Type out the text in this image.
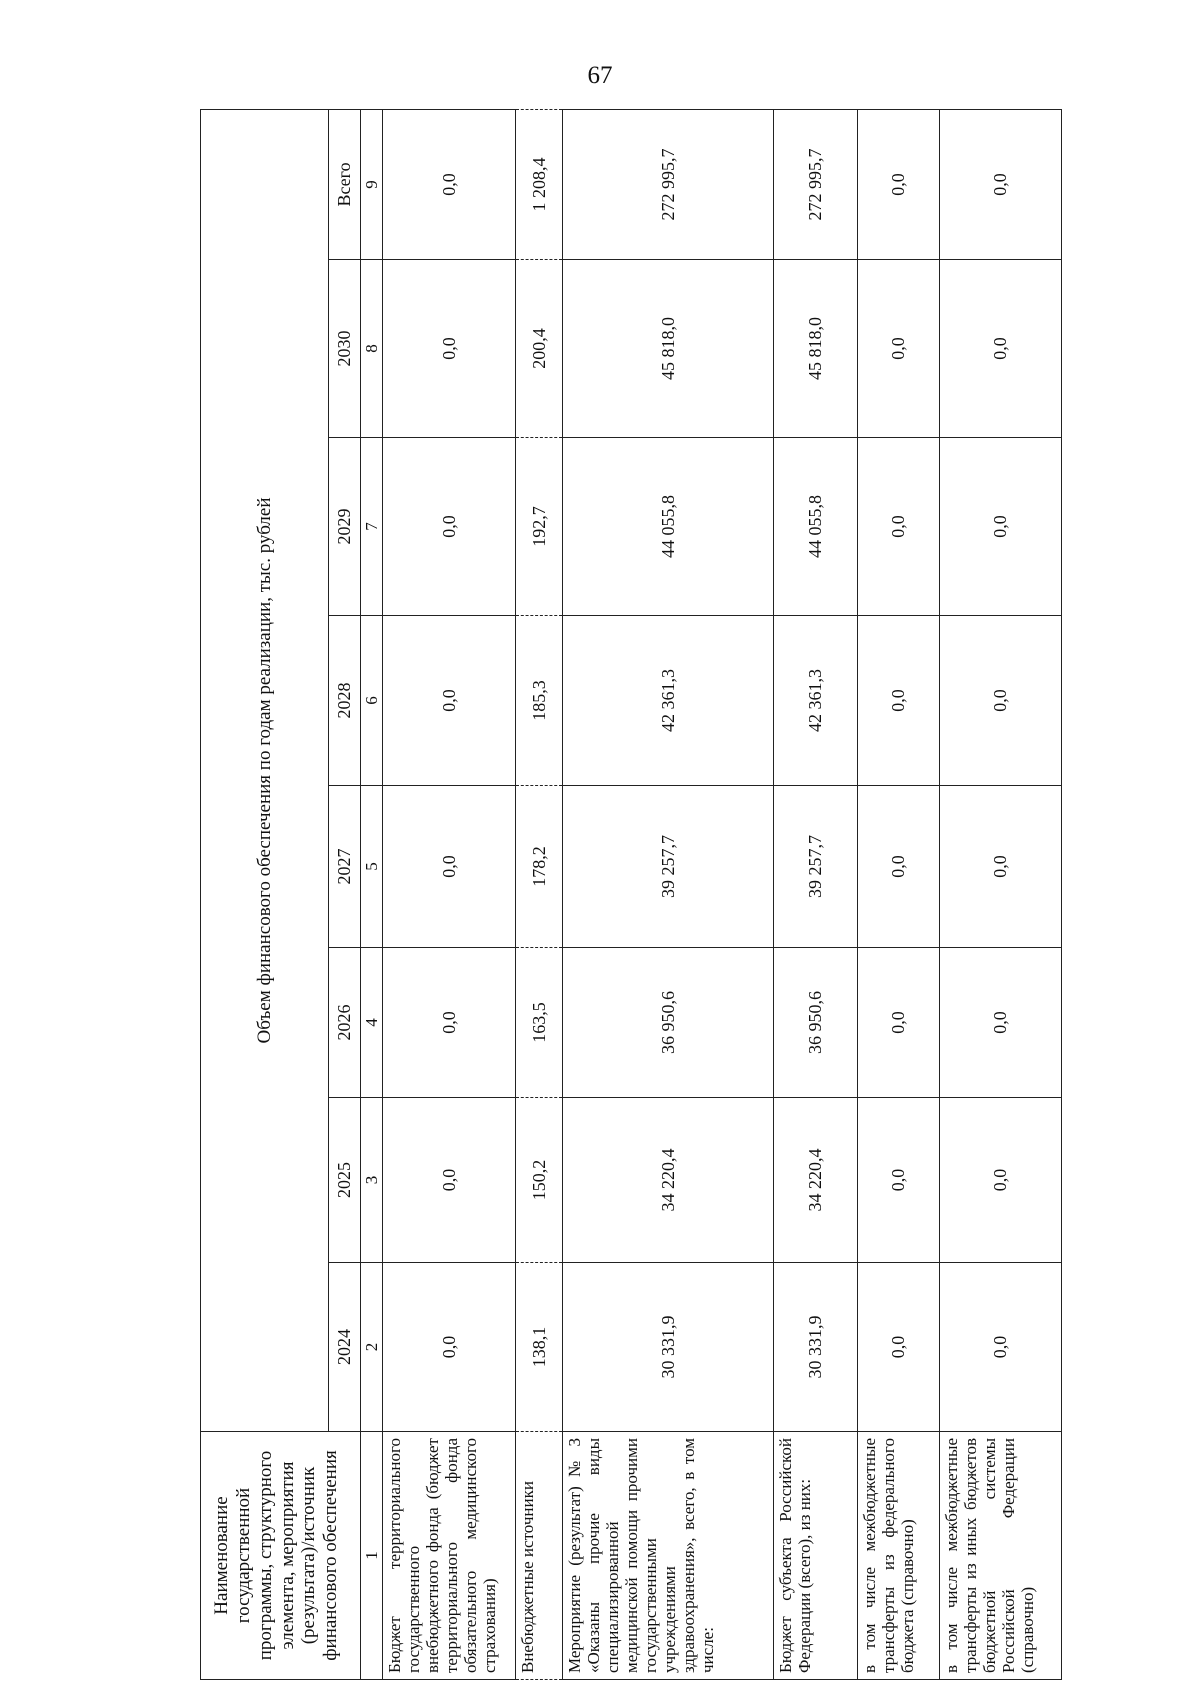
67
Наименование государственной программы, структурного элемента, мероприятия (результата)/источник финансового обеспечения	Объем финансового обеспечения по годам реализации, тыс. рублей							
	2024	2025	2026	2027	2028	2029	2030	Всего
1	2	3	4	5	6	7	8	9
Бюджет территориального государственного внебюджетного фонда (бюджет территориального фонда обязательного медицинского страхования)	0,0	0,0	0,0	0,0	0,0	0,0	0,0	0,0
Внебюджетные источники	138,1	150,2	163,5	178,2	185,3	192,7	200,4	1 208,4
Мероприятие (результат) № 3 «Оказаны прочие виды специализированной медицинской помощи прочими государственными учреждениями здравоохранения», всего, в том числе:	30 331,9	34 220,4	36 950,6	39 257,7	42 361,3	44 055,8	45 818,0	272 995,7
Бюджет субъекта Российской Федерации (всего), из них:	30 331,9	34 220,4	36 950,6	39 257,7	42 361,3	44 055,8	45 818,0	272 995,7
в том числе межбюджетные трансферты из федерального бюджета (справочно)	0,0	0,0	0,0	0,0	0,0	0,0	0,0	0,0
в том числе межбюджетные трансферты из иных бюджетов бюджетной системы Российской Федерации (справочно)	0,0	0,0	0,0	0,0	0,0	0,0	0,0	0,0
